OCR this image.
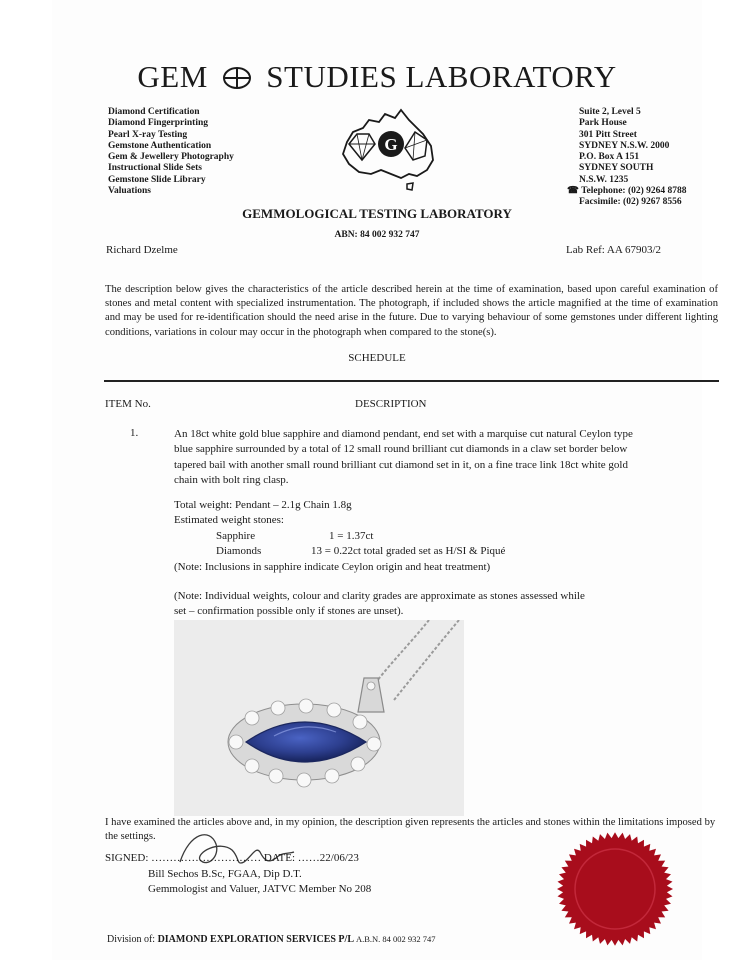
GEM STUDIES LABORATORY
Diamond Certification
Diamond Fingerprinting
Pearl X-ray Testing
Gemstone Authentication
Gem & Jewellery Photography
Instructional Slide Sets
Gemstone Slide Library
Valuations
G
Suite 2, Level 5
Park House
301 Pitt Street
SYDNEY N.S.W. 2000
P.O. Box A 151
SYDNEY SOUTH
N.S.W. 1235
☎ Telephone: (02) 9264 8788
Facsimile: (02) 9267 8556
GEMMOLOGICAL TESTING LABORATORY
ABN: 84 002 932 747
Richard Dzelme	Lab Ref: AA 67903/2
The description below gives the characteristics of the article described herein at the time of examination, based upon careful examination of stones and metal content with specialized instrumentation. The photograph, if included shows the article magnified at the time of examination and may be used for re-identification should the need arise in the future. Due to varying behaviour of some gemstones under different lighting conditions, variations in colour may occur in the photograph when compared to the stone(s).
SCHEDULE
ITEM No.	DESCRIPTION
1.	An 18ct white gold blue sapphire and diamond pendant, end set with a marquise cut natural Ceylon type blue sapphire surrounded by a total of 12 small round brilliant cut diamonds in a claw set border below tapered bail with another small round brilliant cut diamond set in it, on a fine trace link 18ct white gold chain with bolt ring clasp.
Total weight: Pendant – 2.1g Chain 1.8g
Estimated weight stones:
Sapphire	1 = 1.37ct
Diamonds	13 = 0.22ct total graded set as H/SI & Piqué
(Note: Inclusions in sapphire indicate Ceylon origin and heat treatment)
(Note: Individual weights, colour and clarity grades are approximate as stones assessed while set – confirmation possible only if stones are unset).
I have examined the articles above and, in my opinion, the description given represents the articles and stones within the limitations imposed by the settings.
SIGNED: ………………………… DATE: ……22/06/23
Bill Sechos B.Sc, FGAA, Dip D.T.
Gemmologist and Valuer, JATVC Member No 208
Division of: DIAMOND EXPLORATION SERVICES P/L A.B.N. 84 002 932 747
